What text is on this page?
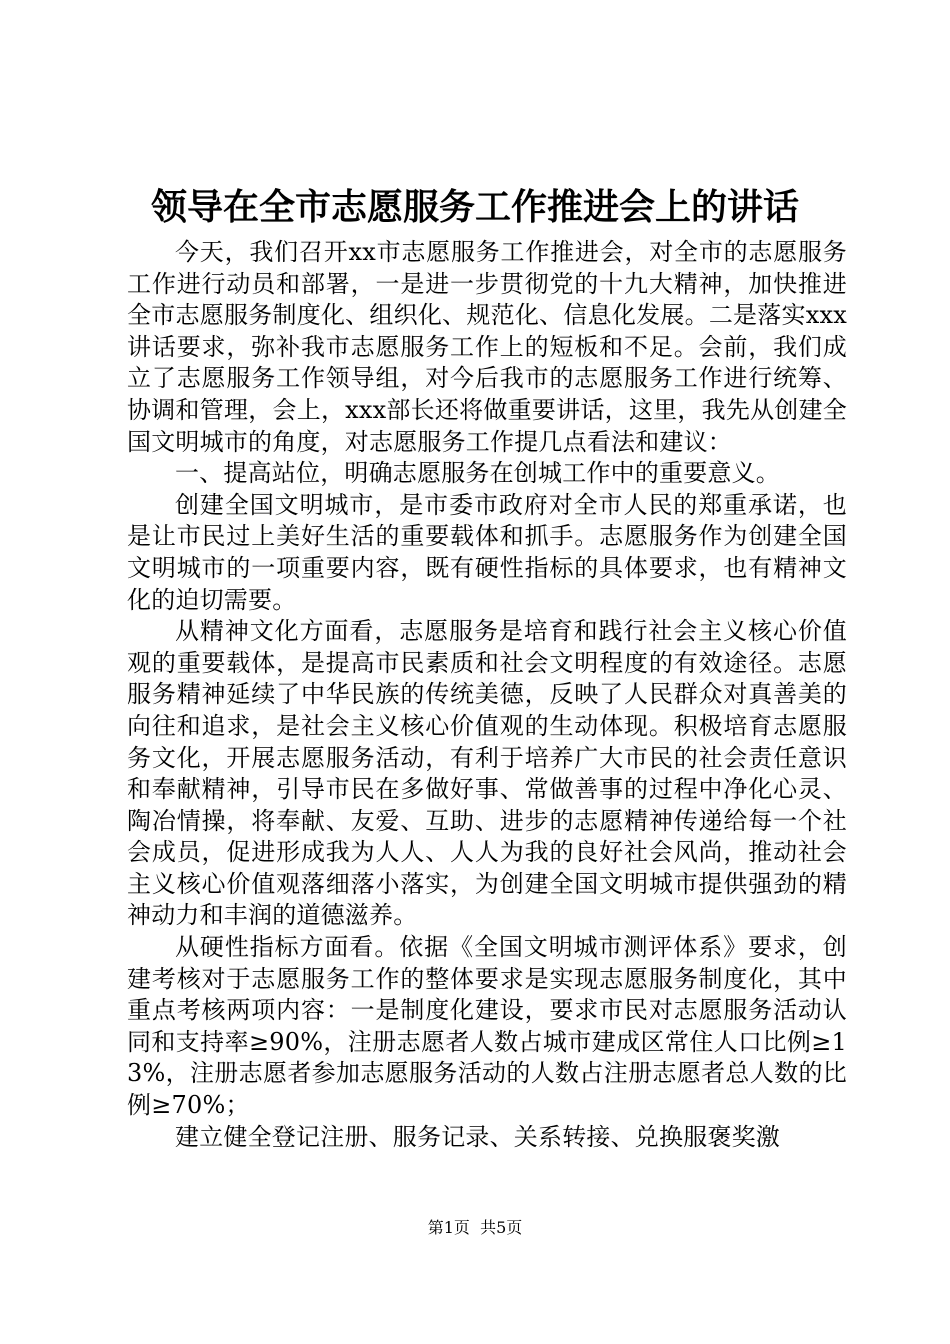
领导在全市志愿服务工作推进会上的讲话

今天，我们召开xx市志愿服务工作推进会，对全市的志愿服务工作进行动员和部署，一是进一步贯彻党的十九大精神，加快推进全市志愿服务制度化、组织化、规范化、信息化发展。二是落实xxx讲话要求，弥补我市志愿服务工作上的短板和不足。会前，我们成立了志愿服务工作领导组，对今后我市的志愿服务工作进行统筹、协调和管理，会上，xxx部长还将做重要讲话，这里，我先从创建全国文明城市的角度，对志愿服务工作提几点看法和建议：

一、提高站位，明确志愿服务在创城工作中的重要意义。

创建全国文明城市，是市委市政府对全市人民的郑重承诺，也是让市民过上美好生活的重要载体和抓手。志愿服务作为创建全国文明城市的一项重要内容，既有硬性指标的具体要求，也有精神文化的迫切需要。

从精神文化方面看，志愿服务是培育和践行社会主义核心价值观的重要载体，是提高市民素质和社会文明程度的有效途径。志愿服务精神延续了中华民族的传统美德，反映了人民群众对真善美的向往和追求，是社会主义核心价值观的生动体现。积极培育志愿服务文化，开展志愿服务活动，有利于培养广大市民的社会责任意识和奉献精神，引导市民在多做好事、常做善事的过程中净化心灵、陶冶情操，将奉献、友爱、互助、进步的志愿精神传递给每一个社会成员，促进形成我为人人、人人为我的良好社会风尚，推动社会主义核心价值观落细落小落实，为创建全国文明城市提供强劲的精神动力和丰润的道德滋养。

从硬性指标方面看。依据《全国文明城市测评体系》要求，创建考核对于志愿服务工作的整体要求是实现志愿服务制度化，其中重点考核两项内容：一是制度化建设，要求市民对志愿服务活动认同和支持率≥90%，注册志愿者人数占城市建成区常住人口比例≥13%，注册志愿者参加志愿服务活动的人数占注册志愿者总人数的比例≥70%；

建立健全登记注册、服务记录、关系转接、兑换服褒奖激

第1页 共5页
